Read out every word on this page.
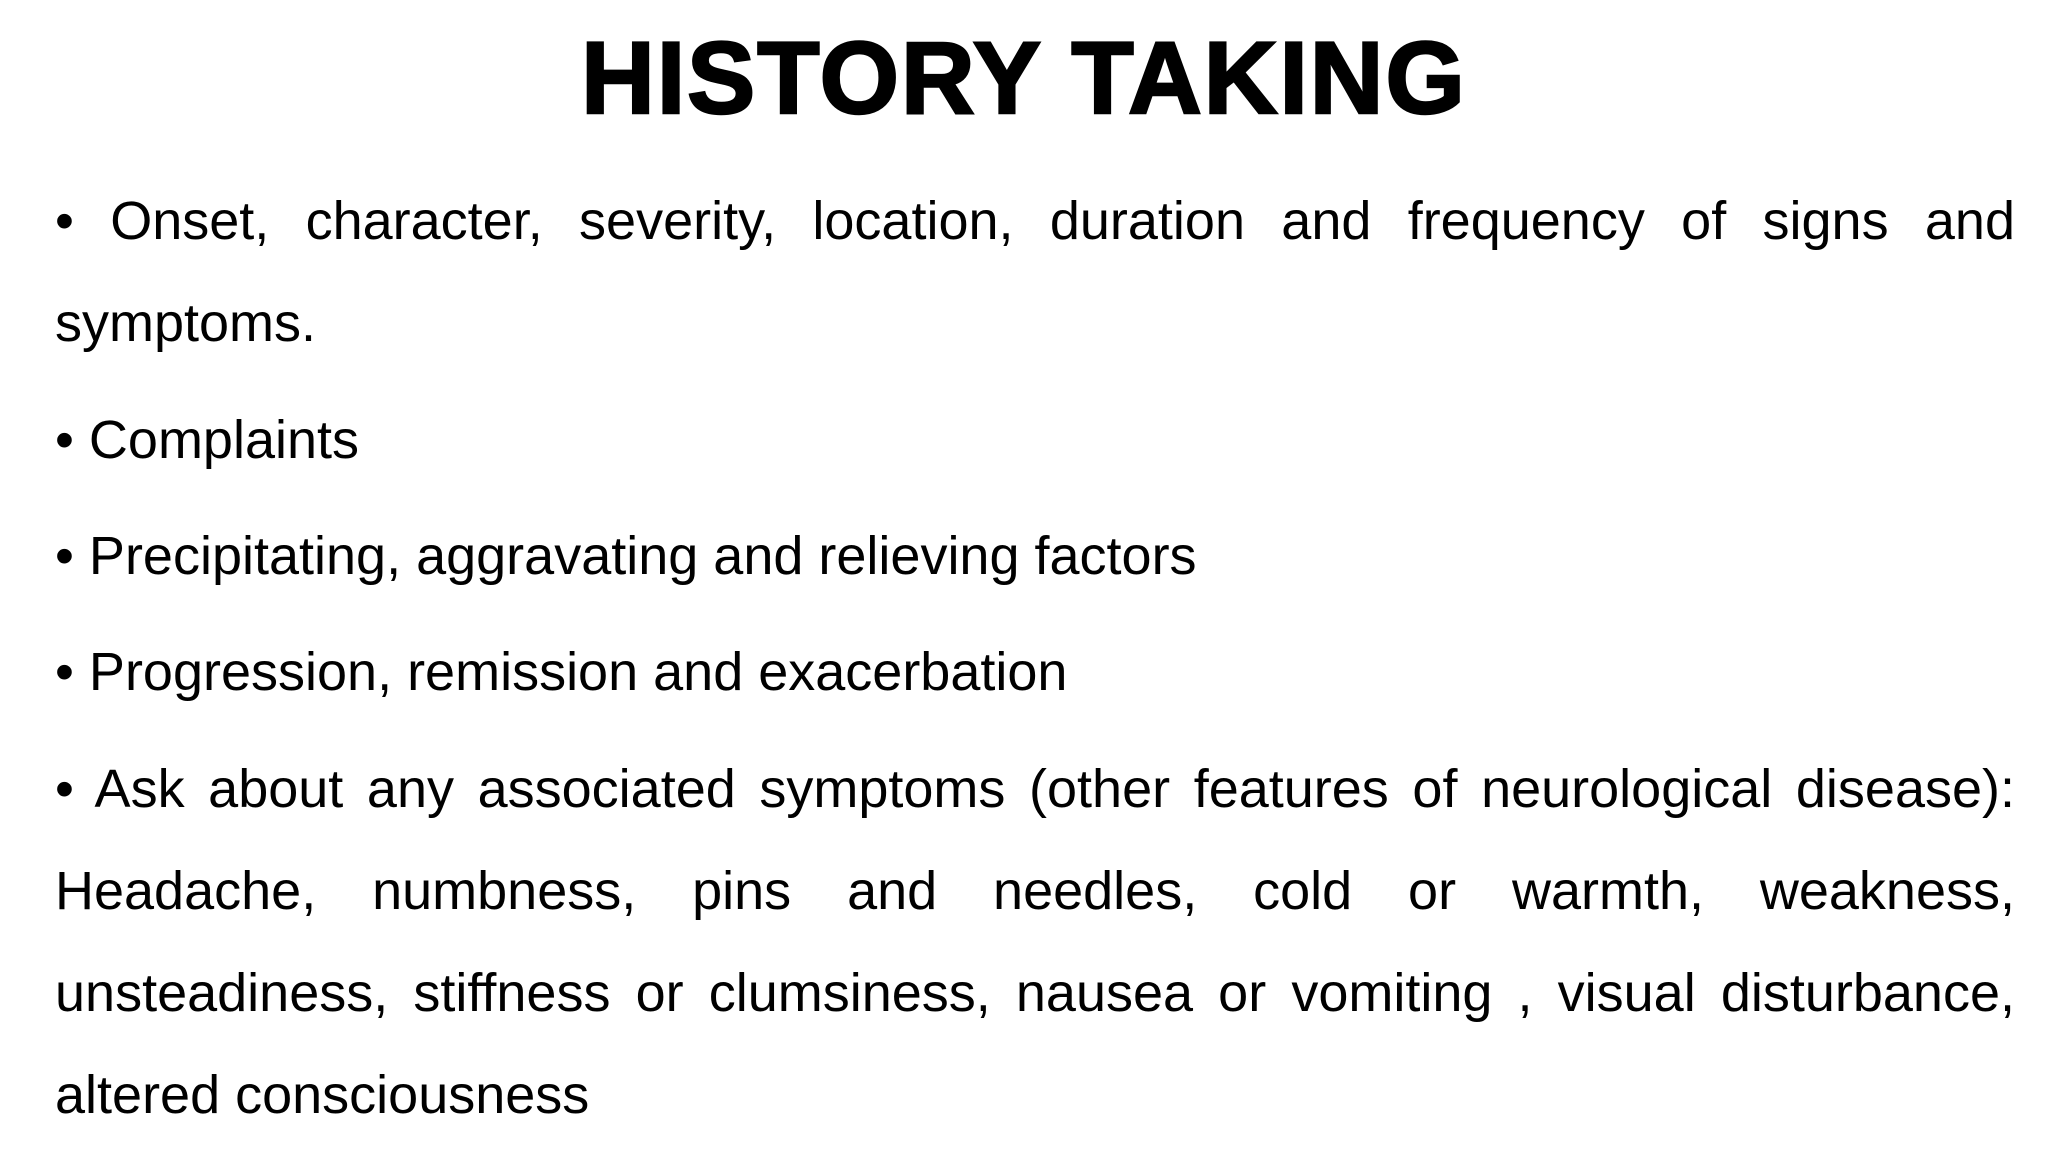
HISTORY TAKING

• Onset, character, severity, location, duration and frequency of signs and symptoms.

• Complaints

• Precipitating, aggravating and relieving factors

• Progression, remission and exacerbation

• Ask about any associated symptoms (other features of neurological disease): Headache, numbness, pins and needles, cold or warmth, weakness, unsteadiness, stiffness or clumsiness, nausea or vomiting , visual disturbance, altered consciousness
